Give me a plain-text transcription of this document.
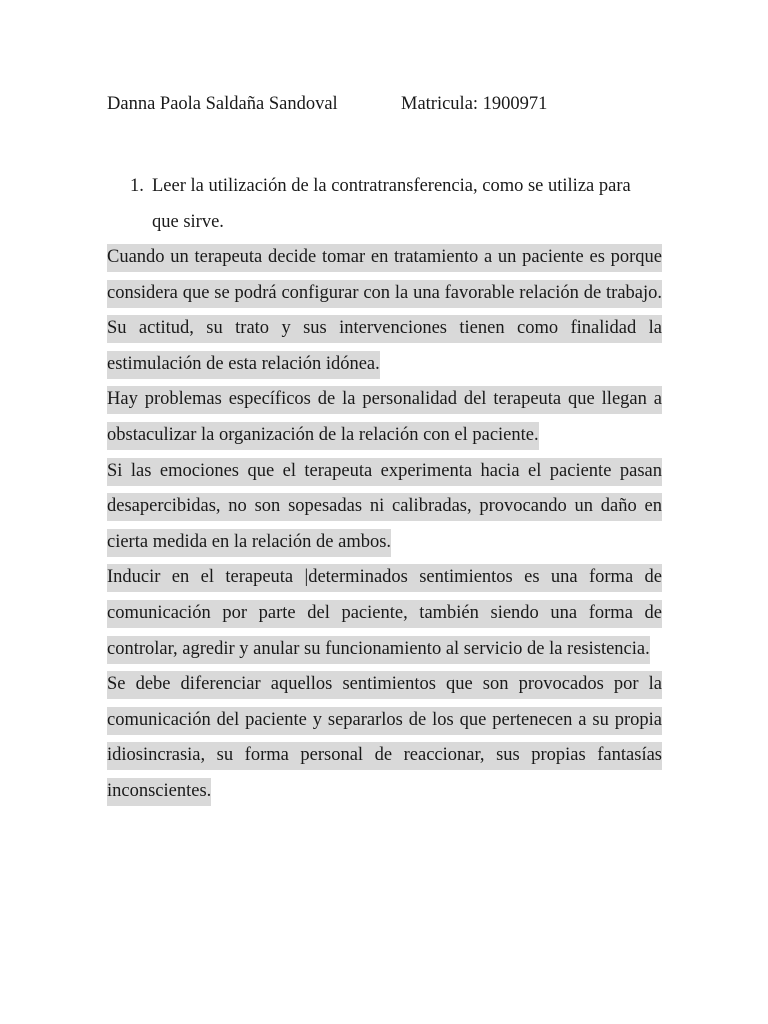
Danna Paola Saldaña Sandoval	Matricula: 1900971
1. Leer la utilización de la contratransferencia, como se utiliza para que sirve.

Cuando un terapeuta decide tomar en tratamiento a un paciente es porque considera que se podrá configurar con la una favorable relación de trabajo. Su actitud, su trato y sus intervenciones tienen como finalidad la estimulación de esta relación idónea.

Hay problemas específicos de la personalidad del terapeuta que llegan a obstaculizar la organización de la relación con el paciente.

Si las emociones que el terapeuta experimenta hacia el paciente pasan desapercibidas, no son sopesadas ni calibradas, provocando un daño en cierta medida en la relación de ambos.

Inducir en el terapeuta |determinados sentimientos es una forma de comunicación por parte del paciente, también siendo una forma de controlar, agredir y anular su funcionamiento al servicio de la resistencia.

Se debe diferenciar aquellos sentimientos que son provocados por la comunicación del paciente y separarlos de los que pertenecen a su propia idiosincrasia, su forma personal de reaccionar, sus propias fantasías inconscientes.
